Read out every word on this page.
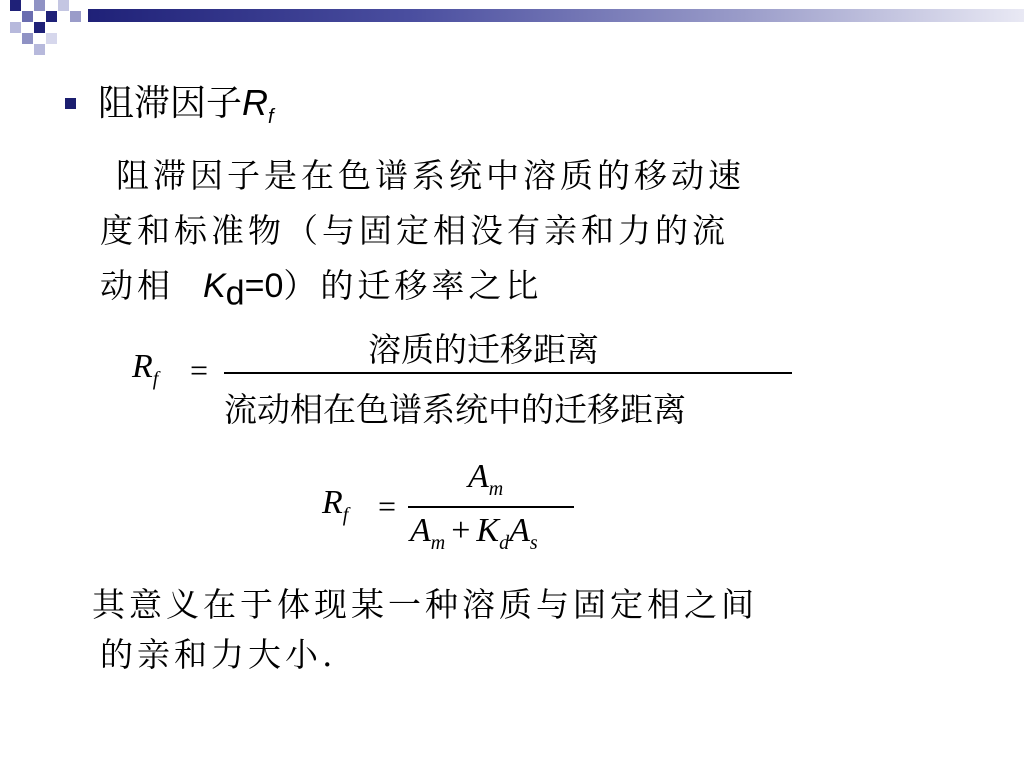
阻滞因子$R_f$
阻滞因子是在色谱系统中溶质的移动速
度和标准物（与固定相没有亲和力的流
动相 $K_d=0$）的迁移率之比
$R_f$ =
溶质的迁移距离
流动相在色谱系统中的迁移距离
$R_f$ =
$A_m$
$A_m + K_dA_s$
其意义在于体现某一种溶质与固定相之间
的亲和力大小.
